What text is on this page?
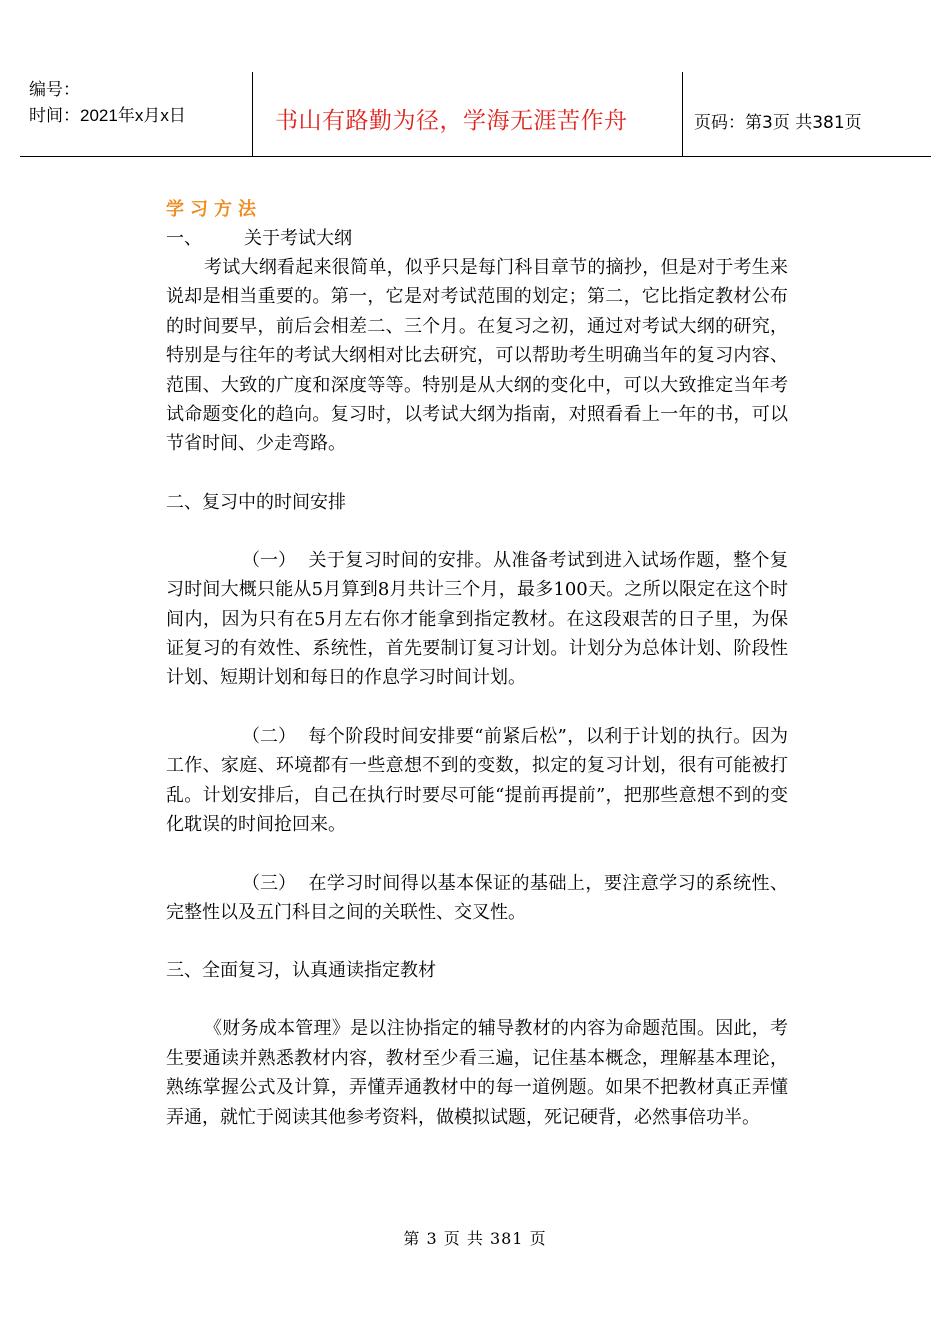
编号：
时间：2021年x月x日	书山有路勤为径，学海无涯苦作舟	页码：第3页 共381页
学习方法
一、 关于考试大纲
考试大纲看起来很简单，似乎只是每门科目章节的摘抄，但是对于考生来说却是相当重要的。第一，它是对考试范围的划定；第二，它比指定教材公布的时间要早，前后会相差二、三个月。在复习之初，通过对考试大纲的研究，特别是与往年的考试大纲相对比去研究，可以帮助考生明确当年的复习内容、范围、大致的广度和深度等等。特别是从大纲的变化中，可以大致推定当年考试命题变化的趋向。复习时，以考试大纲为指南，对照看看上一年的书，可以节省时间、少走弯路。
二、复习中的时间安排
（一） 关于复习时间的安排。从准备考试到进入试场作题，整个复习时间大概只能从5月算到8月共计三个月，最多100天。之所以限定在这个时间内，因为只有在5月左右你才能拿到指定教材。在这段艰苦的日子里，为保证复习的有效性、系统性，首先要制订复习计划。计划分为总体计划、阶段性计划、短期计划和每日的作息学习时间计划。
（二） 每个阶段时间安排要“前紧后松”，以利于计划的执行。因为工作、家庭、环境都有一些意想不到的变数，拟定的复习计划，很有可能被打乱。计划安排后，自己在执行时要尽可能“提前再提前”，把那些意想不到的变化耽误的时间抢回来。
（三） 在学习时间得以基本保证的基础上，要注意学习的系统性、完整性以及五门科目之间的关联性、交叉性。
三、全面复习，认真通读指定教材
《财务成本管理》是以注协指定的辅导教材的内容为命题范围。因此，考生要通读并熟悉教材内容，教材至少看三遍，记住基本概念，理解基本理论，熟练掌握公式及计算，弄懂弄通教材中的每一道例题。如果不把教材真正弄懂弄通，就忙于阅读其他参考资料，做模拟试题，死记硬背，必然事倍功半。
第 3 页 共 381 页
